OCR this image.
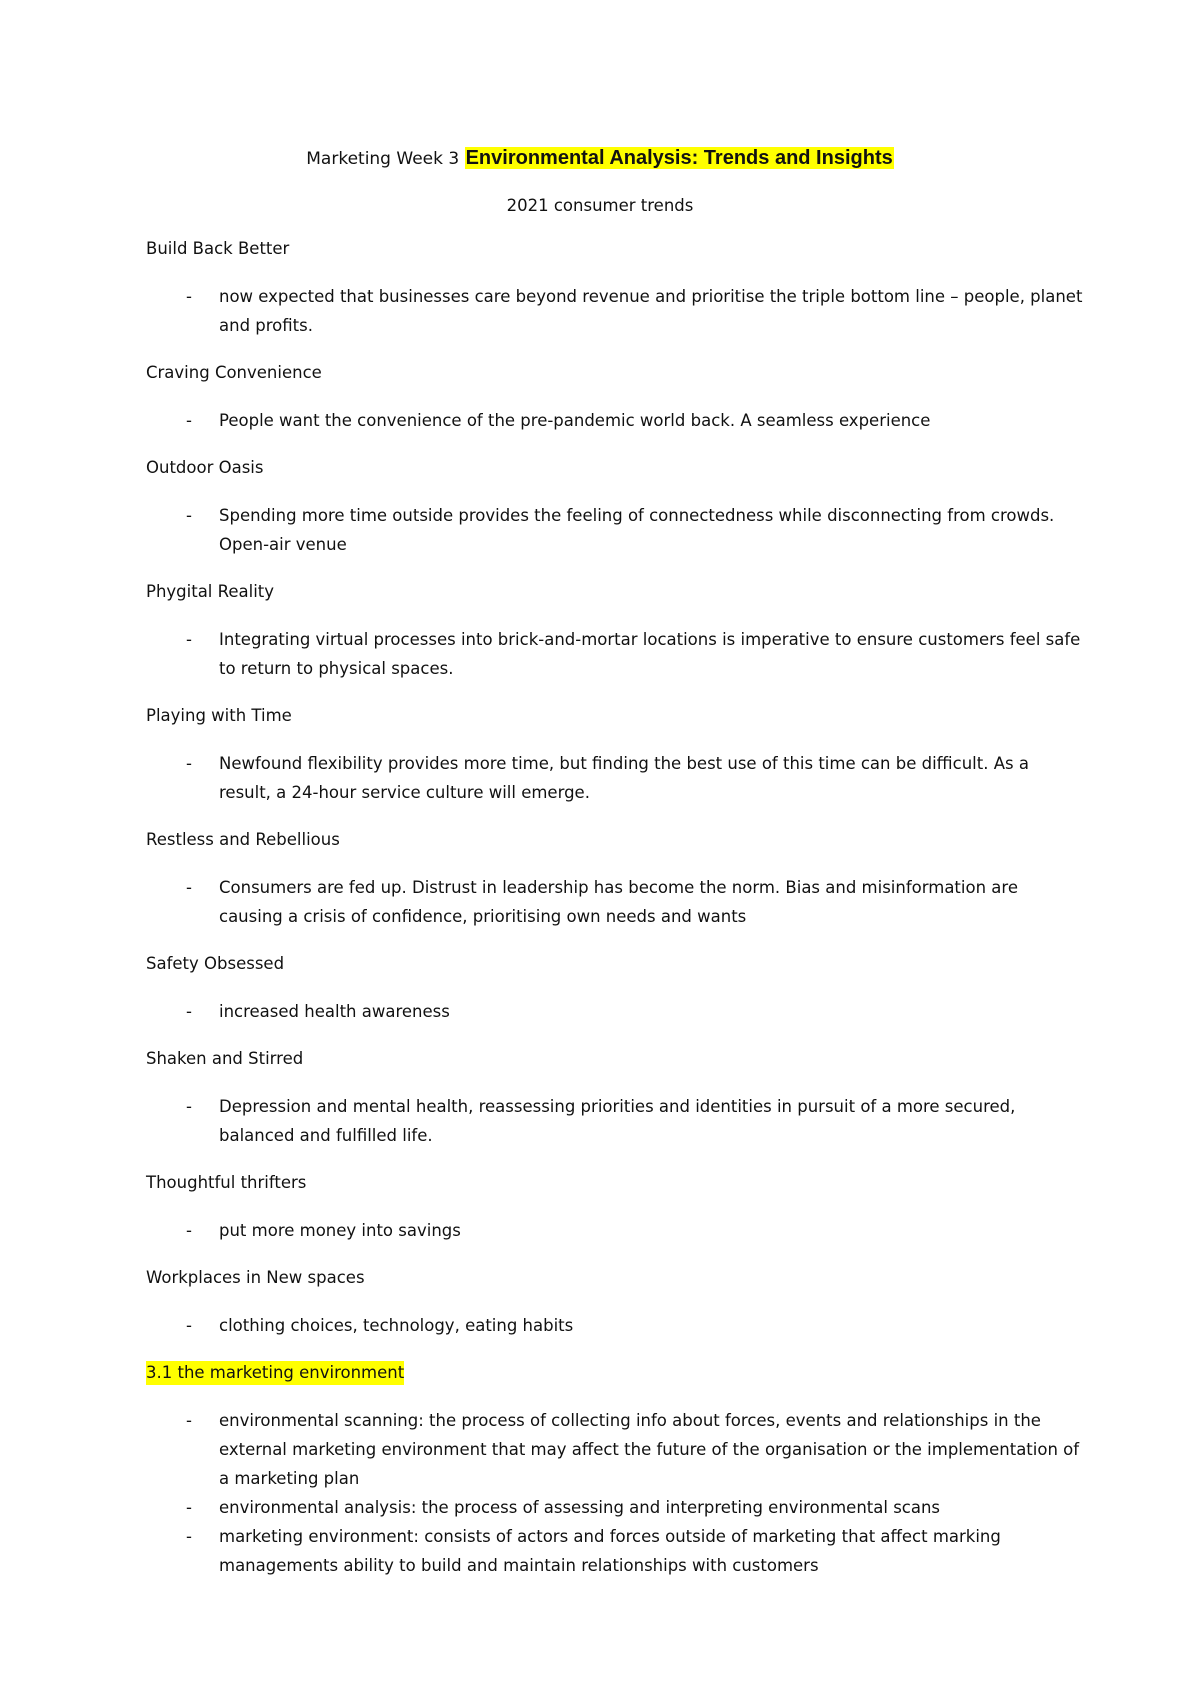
Marketing Week 3 Environmental Analysis: Trends and Insights
2021 consumer trends
Build Back Better
- now expected that businesses care beyond revenue and prioritise the triple bottom line – people, planet and profits.
Craving Convenience
- People want the convenience of the pre-pandemic world back. A seamless experience
Outdoor Oasis
- Spending more time outside provides the feeling of connectedness while disconnecting from crowds. Open-air venue
Phygital Reality
- Integrating virtual processes into brick-and-mortar locations is imperative to ensure customers feel safe to return to physical spaces.
Playing with Time
- Newfound flexibility provides more time, but finding the best use of this time can be difficult. As a result, a 24-hour service culture will emerge.
Restless and Rebellious
- Consumers are fed up. Distrust in leadership has become the norm. Bias and misinformation are causing a crisis of confidence, prioritising own needs and wants
Safety Obsessed
- increased health awareness
Shaken and Stirred
- Depression and mental health, reassessing priorities and identities in pursuit of a more secured, balanced and fulfilled life.
Thoughtful thrifters
- put more money into savings
Workplaces in New spaces
- clothing choices, technology, eating habits
3.1 the marketing environment
- environmental scanning: the process of collecting info about forces, events and relationships in the external marketing environment that may affect the future of the organisation or the implementation of a marketing plan
- environmental analysis: the process of assessing and interpreting environmental scans
- marketing environment: consists of actors and forces outside of marketing that affect marking managements ability to build and maintain relationships with customers
